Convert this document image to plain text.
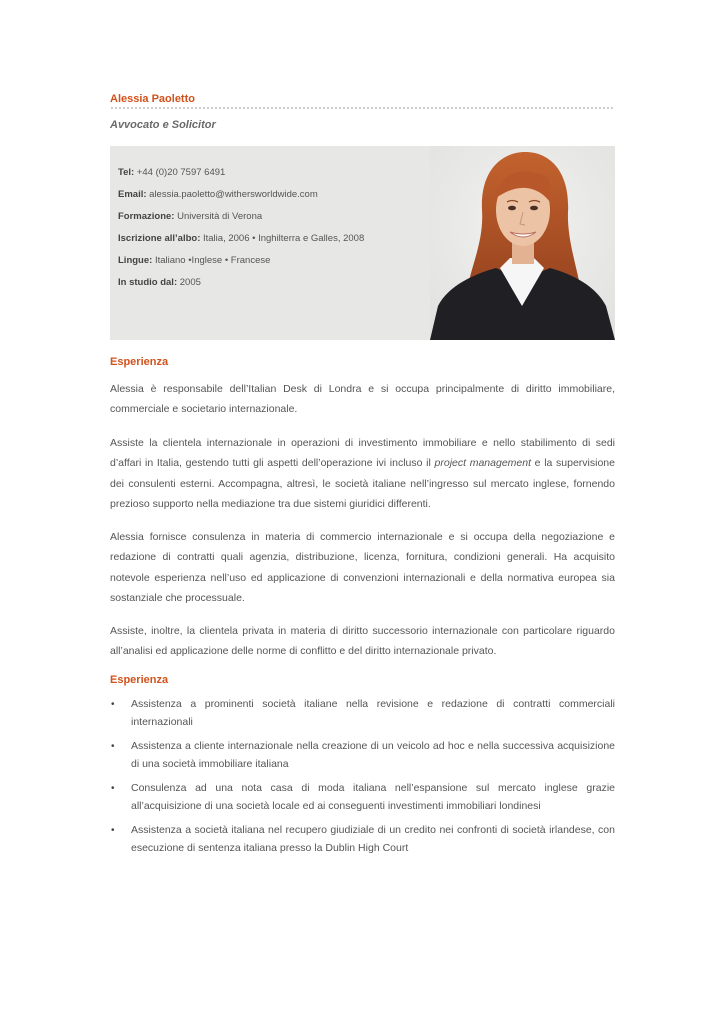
Alessia Paoletto
Avvocato e Solicitor
Tel: +44 (0)20 7597 6491
Email: alessia.paoletto@withersworldwide.com
Formazione: Università di Verona
Iscrizione all’albo: Italia, 2006 • Inghilterra e Galles, 2008
Lingue: Italiano •Inglese • Francese
In studio dal: 2005
Esperienza
Alessia è responsabile dell’Italian Desk di Londra e si occupa principalmente di diritto immobiliare, commerciale e societario internazionale.
Assiste la clientela internazionale in operazioni di investimento immobiliare e nello stabilimento di sedi d’affari in Italia, gestendo tutti gli aspetti dell’operazione ivi incluso il project management e la supervisione dei consulenti esterni. Accompagna, altresì, le società italiane nell’ingresso sul mercato inglese, fornendo prezioso supporto nella mediazione tra due sistemi giuridici differenti.
Alessia fornisce consulenza in materia di commercio internazionale e si occupa della negoziazione e redazione di contratti quali agenzia, distribuzione, licenza, fornitura, condizioni generali. Ha acquisito notevole esperienza nell’uso ed applicazione di convenzioni internazionali e della normativa europea sia sostanziale che processuale.
Assiste, inoltre, la clientela privata in materia di diritto successorio internazionale con particolare riguardo all’analisi ed applicazione delle norme di conflitto e del diritto internazionale privato.
Esperienza
• Assistenza a prominenti società italiane nella revisione e redazione di contratti commerciali internazionali
• Assistenza a cliente internazionale nella creazione di un veicolo ad hoc e nella successiva acquisizione di una società immobiliare italiana
• Consulenza ad una nota casa di moda italiana nell’espansione sul mercato inglese grazie all’acquisizione di una società locale ed ai conseguenti investimenti immobiliari londinesi
• Assistenza a società italiana nel recupero giudiziale di un credito nei confronti di società irlandese, con esecuzione di sentenza italiana presso la Dublin High Court
